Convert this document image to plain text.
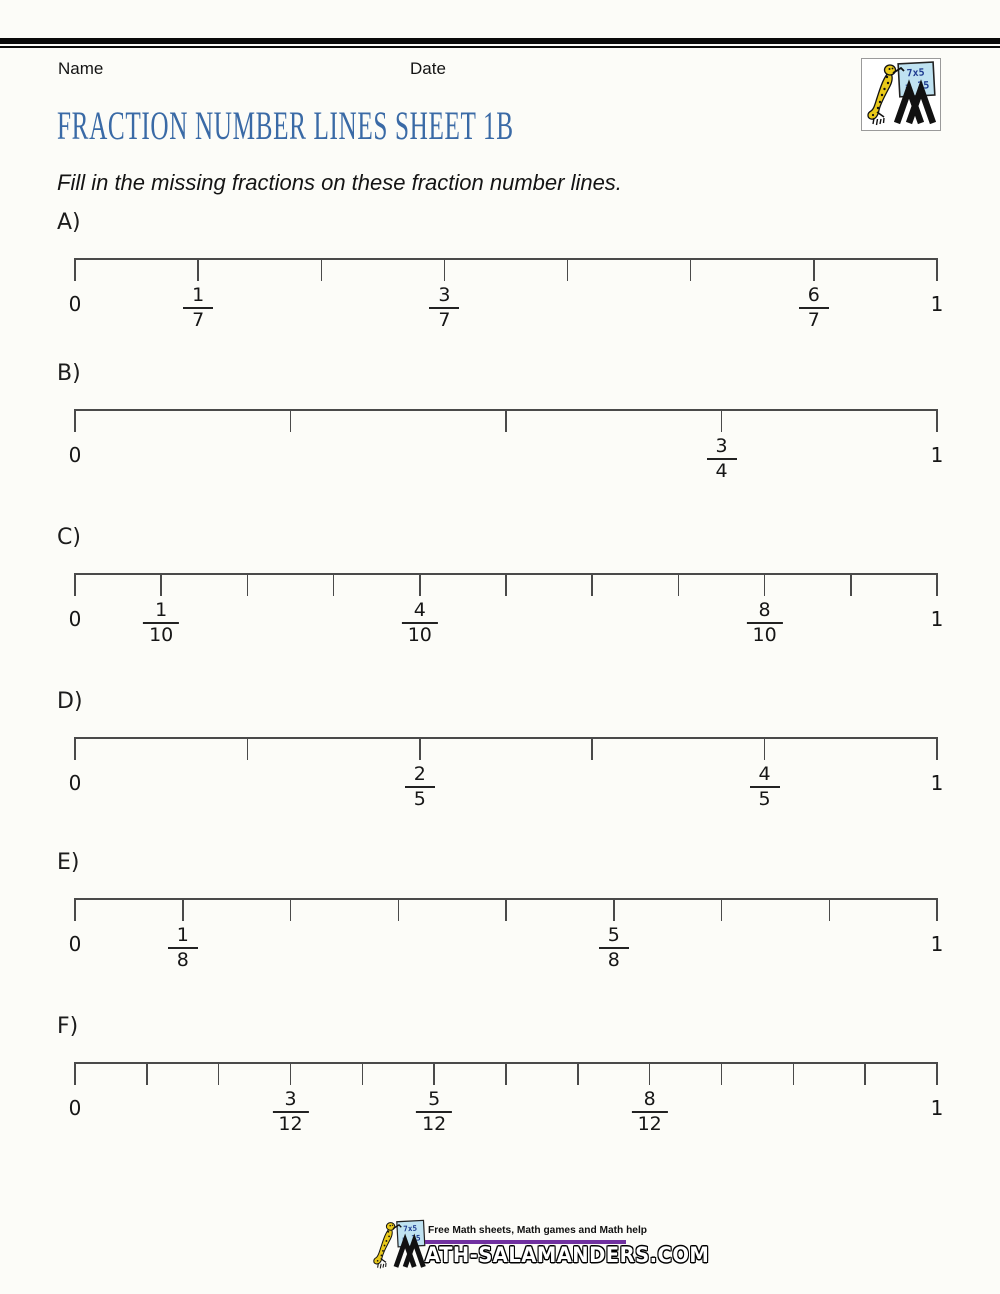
Name	Date
FRACTION NUMBER LINES SHEET 1B
Fill in the missing fractions on these fraction number lines.
A)
0	$\frac{1}{7}$	$\frac{3}{7}$	$\frac{6}{7}$	1
B)
0	$\frac{3}{4}$	1
C)
0	$\frac{1}{10}$	$\frac{4}{10}$	$\frac{8}{10}$	1
D)
0	$\frac{2}{5}$	$\frac{4}{5}$	1
E)
0	$\frac{1}{8}$	$\frac{5}{8}$	1
F)
0	$\frac{3}{12}$	$\frac{5}{12}$	$\frac{8}{12}$	1
Free Math sheets, Math games and Math help
ATH-SALAMANDERS.COM
